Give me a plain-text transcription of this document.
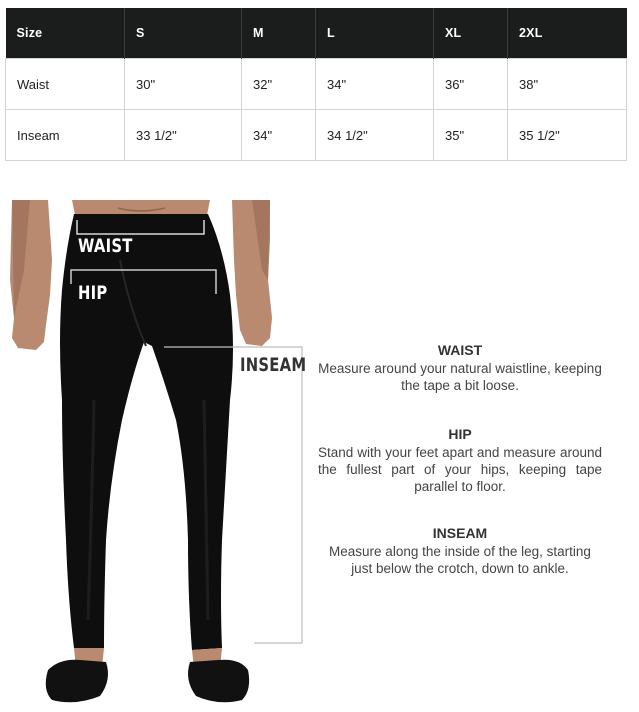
Size	S	M	L	XL	2XL
Waist	30"	32"	34"	36"	38"
Inseam	33 1/2"	34"	34 1/2"	35"	35 1/2"
WAIST
HIP
INSEAM
WAIST
Measure around your natural waistline, keeping the tape a bit loose.
HIP
Stand with your feet apart and measure around the fullest part of your hips, keeping tape parallel to floor.
INSEAM
Measure along the inside of the leg, starting just below the crotch, down to ankle.
